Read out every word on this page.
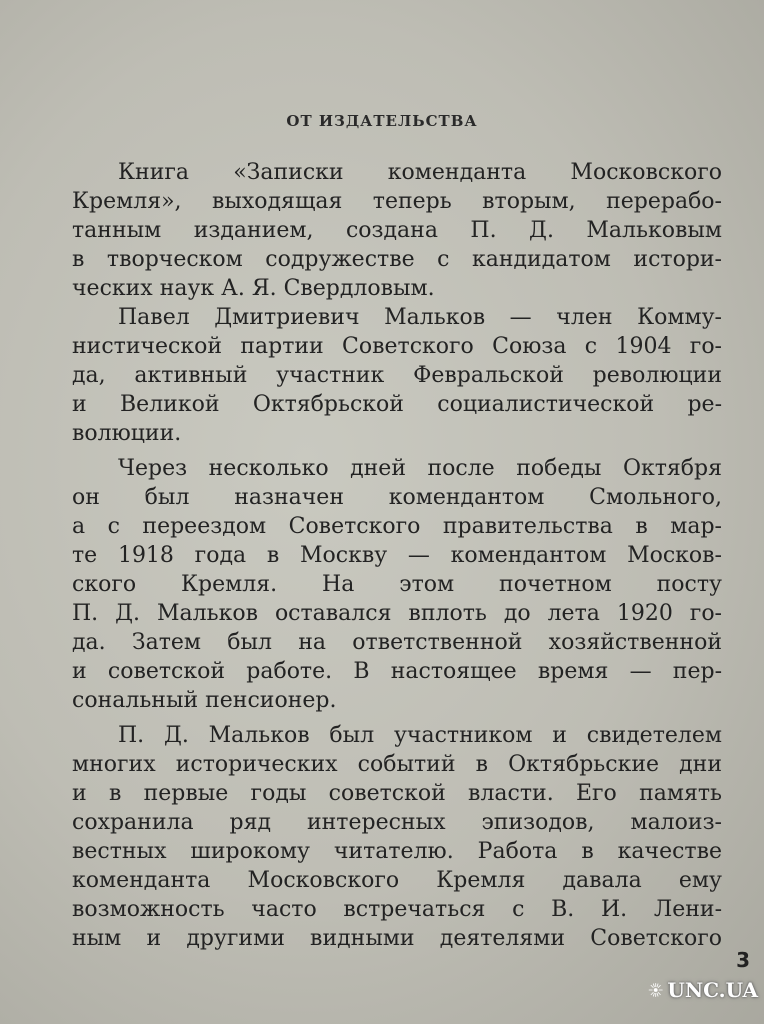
ОТ ИЗДАТЕЛЬСТВА
Книга «Записки коменданта Московского
Кремля», выходящая теперь вторым, перерабо-
танным изданием, создана П. Д. Мальковым
в творческом содружестве с кандидатом истори-
ческих наук А. Я. Свердловым.
Павел Дмитриевич Мальков — член Комму-
нистической партии Советского Союза с 1904 го-
да, активный участник Февральской революции
и Великой Октябрьской социалистической ре-
волюции.
Через несколько дней после победы Октября
он был назначен комендантом Смольного,
а с переездом Советского правительства в мар-
те 1918 года в Москву — комендантом Москов-
ского Кремля. На этом почетном посту
П. Д. Мальков оставался вплоть до лета 1920 го-
да. Затем был на ответственной хозяйственной
и советской работе. В настоящее время — пер-
сональный пенсионер.
П. Д. Мальков был участником и свидетелем
многих исторических событий в Октябрьские дни
и в первые годы советской власти. Его память
сохранила ряд интересных эпизодов, малоиз-
вестных широкому читателю. Работа в качестве
коменданта Московского Кремля давала ему
возможность часто встречаться с В. И. Лени-
ным и другими видными деятелями Советского
3
UNC.UA
